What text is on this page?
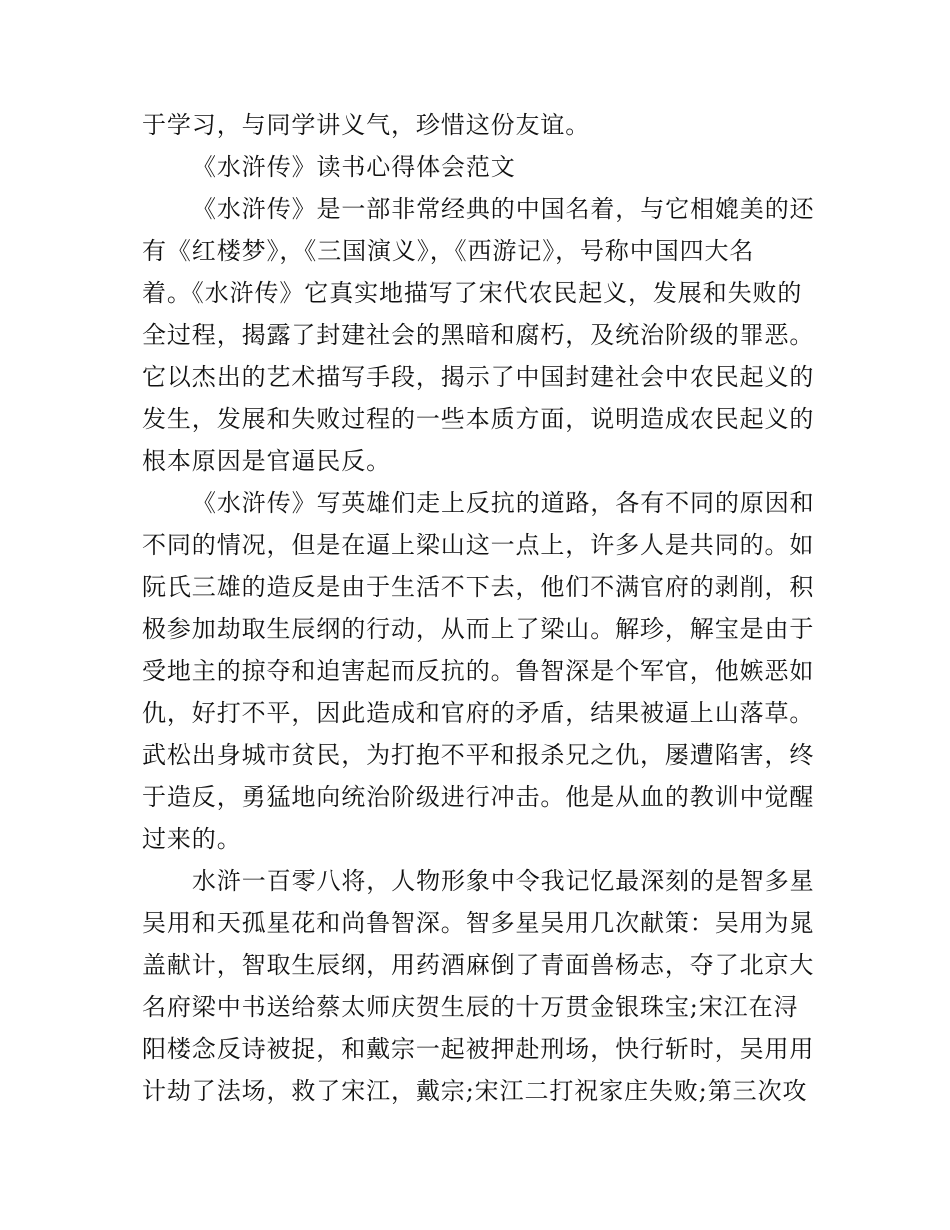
于学习，与同学讲义气，珍惜这份友谊。
《水浒传》读书心得体会范文
《水浒传》是一部非常经典的中国名着，与它相媲美的还
有《红楼梦》，《三国演义》，《西游记》，号称中国四大名
着。《水浒传》它真实地描写了宋代农民起义，发展和失败的
全过程，揭露了封建社会的黑暗和腐朽，及统治阶级的罪恶。
它以杰出的艺术描写手段，揭示了中国封建社会中农民起义的
发生，发展和失败过程的一些本质方面，说明造成农民起义的
根本原因是官逼民反。
《水浒传》写英雄们走上反抗的道路，各有不同的原因和
不同的情况，但是在逼上梁山这一点上，许多人是共同的。如
阮氏三雄的造反是由于生活不下去，他们不满官府的剥削，积
极参加劫取生辰纲的行动，从而上了梁山。解珍，解宝是由于
受地主的掠夺和迫害起而反抗的。鲁智深是个军官，他嫉恶如
仇，好打不平，因此造成和官府的矛盾，结果被逼上山落草。
武松出身城市贫民，为打抱不平和报杀兄之仇，屡遭陷害，终
于造反，勇猛地向统治阶级进行冲击。他是从血的教训中觉醒
过来的。
水浒一百零八将，人物形象中令我记忆最深刻的是智多星
吴用和天孤星花和尚鲁智深。智多星吴用几次献策：吴用为晁
盖献计，智取生辰纲，用药酒麻倒了青面兽杨志，夺了北京大
名府梁中书送给蔡太师庆贺生辰的十万贯金银珠宝;宋江在浔
阳楼念反诗被捉，和戴宗一起被押赴刑场，快行斩时，吴用用
计劫了法场，救了宋江，戴宗;宋江二打祝家庄失败;第三次攻
